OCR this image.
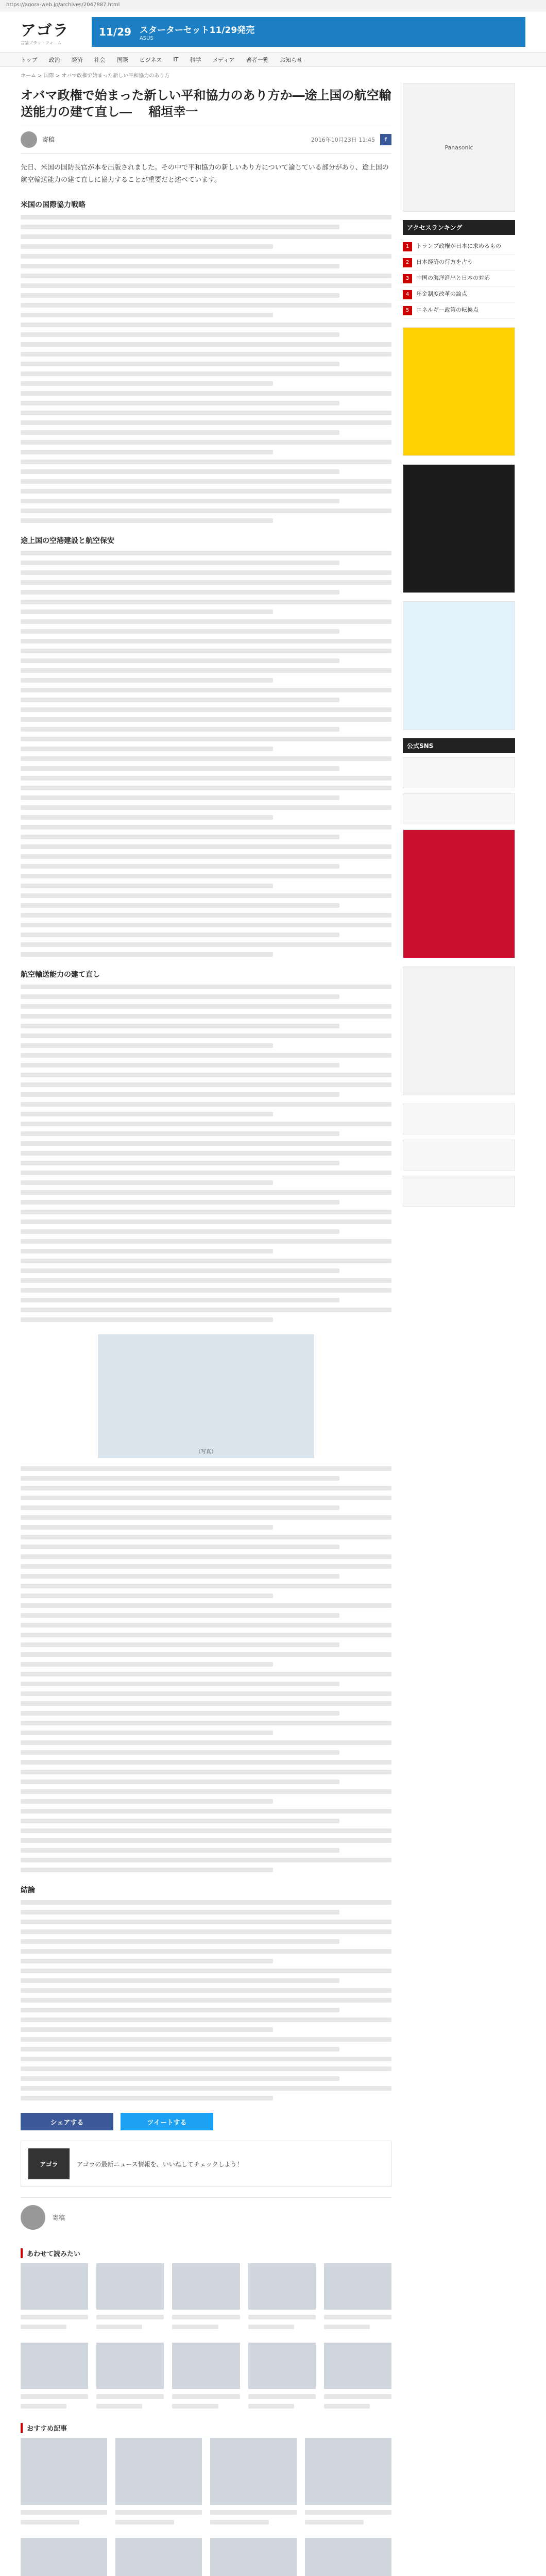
https://agora-web.jp/archives/2047887.html
アゴラ
言論プラットフォーム
11/29 スターターセット11/29発売
ASUS
トップ 政治 経済 社会 国際 ビジネス IT 科学 メディア 著者一覧 お知らせ
ホーム > 国際 > オバマ政権で始まった新しい平和協力のあり方
オバマ政権で始まった新しい平和協力のあり方か―途上国の航空輸送能力の建て直し― 　稲垣幸一
寄稿	2016年10月23日 11:45	f
先日、米国の国防長官が本を出版されました。その中で平和協力の新しいあり方について論じている部分があり、途上国の航空輸送能力の建て直しに協力することが重要だと述べています。
米国の国際協力戦略
途上国の空港建設と航空保安
航空輸送能力の建て直し
（写真）
結論
シェアする	ツイートする
アゴラ	アゴラの最新ニュース情報を、いいねしてチェックしよう！
寄稿
あわせて読みたい
おすすめ記事
Panasonic
アクセスランキング
1	トランプ政権が日本に求めるもの
2	日本経済の行方を占う
3	中国の海洋進出と日本の対応
4	年金制度改革の論点
5	エネルギー政策の転換点
公式SNS
